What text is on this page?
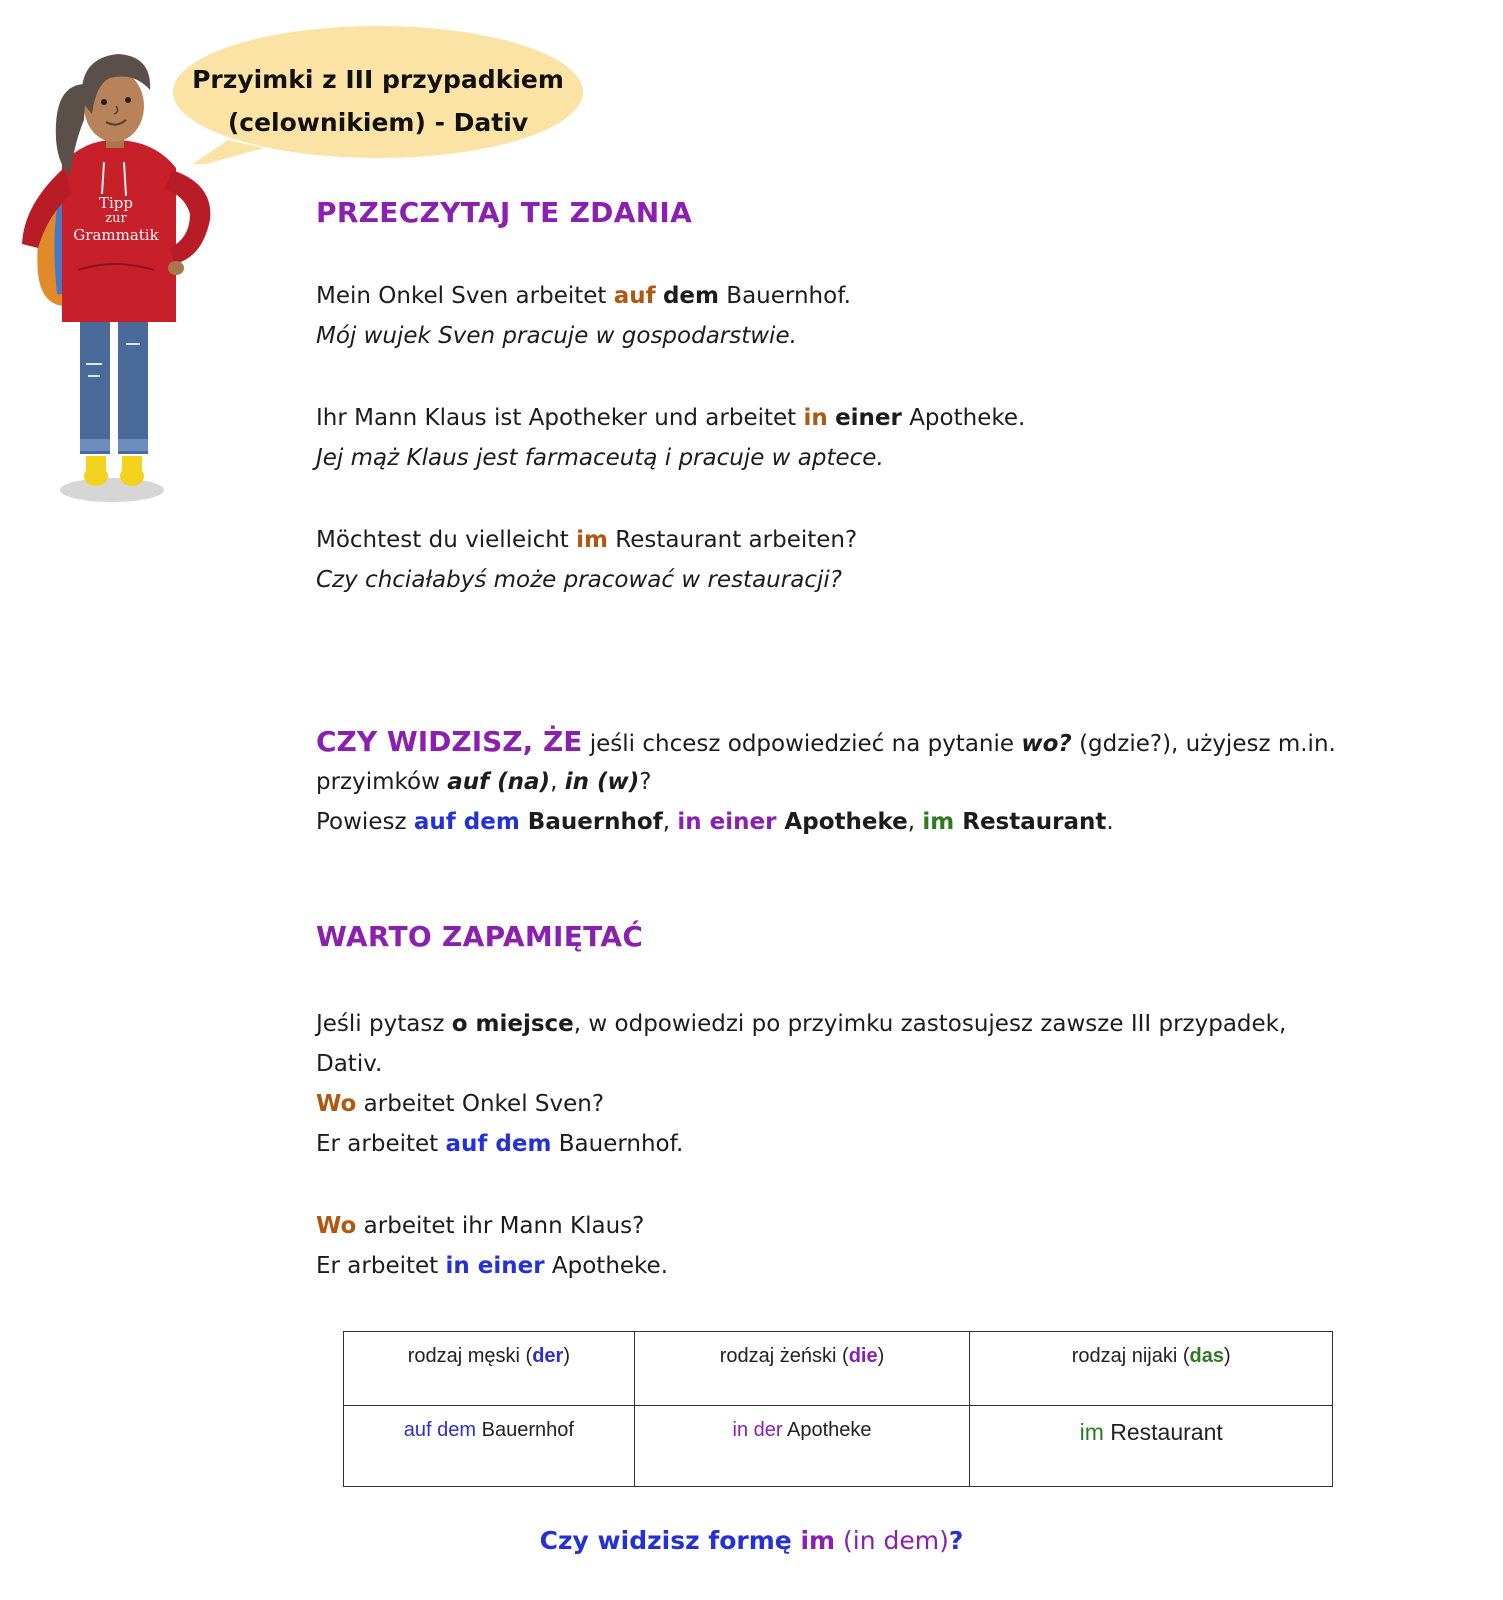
Tipp
zur
Grammatik
Przyimki z III przypadkiem
(celownikiem) - Dativ
PRZECZYTAJ TE ZDANIA
Mein Onkel Sven arbeitet auf dem Bauernhof.
Mój wujek Sven pracuje w gospodarstwie.
Ihr Mann Klaus ist Apotheker und arbeitet in einer Apotheke.
Jej mąż Klaus jest farmaceutą i pracuje w aptece.
Möchtest du vielleicht im Restaurant arbeiten?
Czy chciałabyś może pracować w restauracji?
CZY WIDZISZ, ŻE jeśli chcesz odpowiedzieć na pytanie wo? (gdzie?), użyjesz m.in.
przyimków auf (na), in (w)?
Powiesz auf dem Bauernhof, in einer Apotheke, im Restaurant.
WARTO ZAPAMIĘTAĆ
Jeśli pytasz o miejsce, w odpowiedzi po przyimku zastosujesz zawsze III przypadek,
Dativ.
Wo arbeitet Onkel Sven?
Er arbeitet auf dem Bauernhof.
Wo arbeitet ihr Mann Klaus?
Er arbeitet in einer Apotheke.
rodzaj męski (der)	rodzaj żeński (die)	rodzaj nijaki (das)
auf dem Bauernhof	in der Apotheke	im Restaurant
Czy widzisz formę im (in dem)?
